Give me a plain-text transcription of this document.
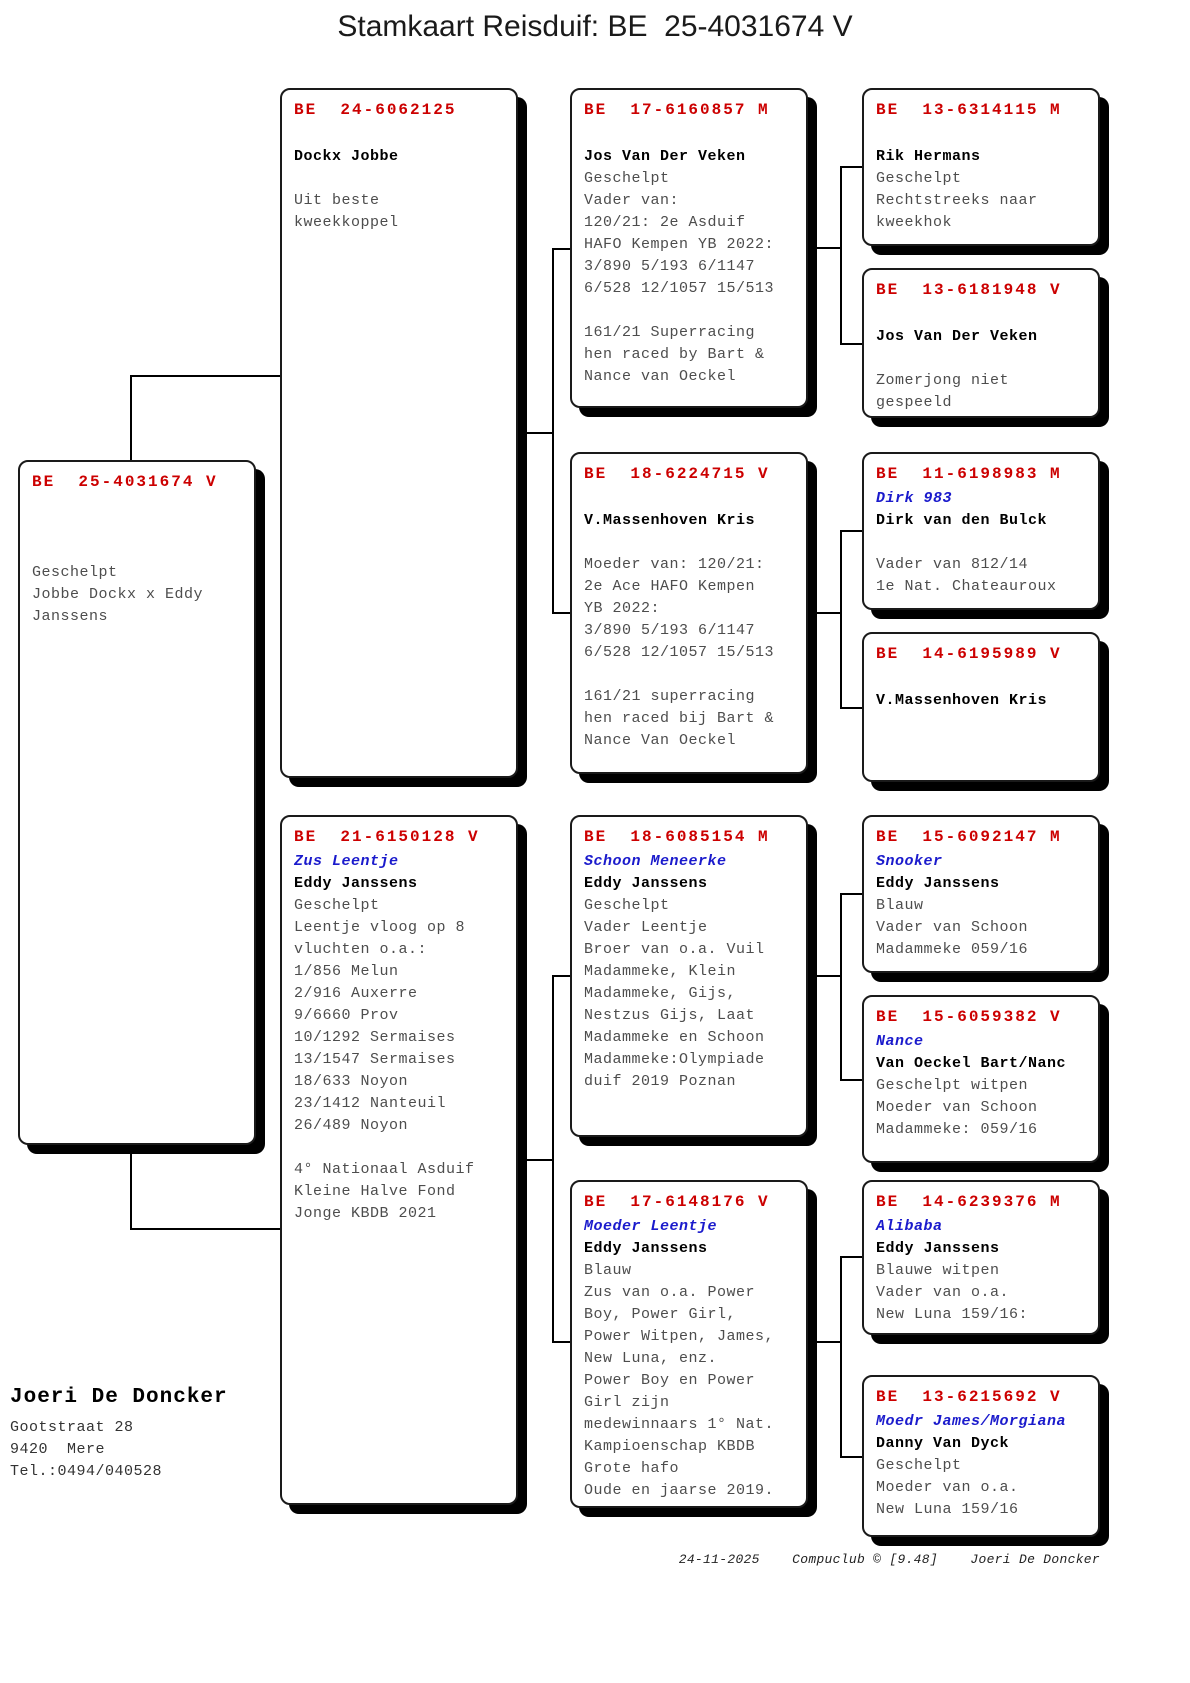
Stamkaart Reisduif: BE  25-4031674 V
BE  25-4031674 V
Geschelpt
Jobbe Dockx x Eddy
Janssens
BE  24-6062125
Dockx Jobbe
Uit beste
kweekkoppel
BE  21-6150128 V
Zus Leentje
Eddy Janssens
Geschelpt
Leentje vloog op 8
vluchten o.a.:
1/856 Melun
2/916 Auxerre
9/6660 Prov
10/1292 Sermaises
13/1547 Sermaises
18/633 Noyon
23/1412 Nanteuil
26/489 Noyon
4° Nationaal Asduif
Kleine Halve Fond
Jonge KBDB 2021
BE  17-6160857 M
Jos Van Der Veken
Geschelpt
Vader van:
120/21: 2e Asduif
HAFO Kempen YB 2022:
3/890 5/193 6/1147
6/528 12/1057 15/513
161/21 Superracing
hen raced by Bart &
Nance van Oeckel
BE  18-6224715 V
V.Massenhoven Kris
Moeder van: 120/21:
2e Ace HAFO Kempen
YB 2022:
3/890 5/193 6/1147
6/528 12/1057 15/513
161/21 superracing
hen raced bij Bart &
Nance Van Oeckel
BE  18-6085154 M
Schoon Meneerke
Eddy Janssens
Geschelpt
Vader Leentje
Broer van o.a. Vuil
Madammeke, Klein
Madammeke, Gijs,
Nestzus Gijs, Laat
Madammeke en Schoon
Madammeke:Olympiade
duif 2019 Poznan
BE  17-6148176 V
Moeder Leentje
Eddy Janssens
Blauw
Zus van o.a. Power
Boy, Power Girl,
Power Witpen, James,
New Luna, enz.
Power Boy en Power
Girl zijn
medewinnaars 1° Nat.
Kampioenschap KBDB
Grote hafo
Oude en jaarse 2019.
BE  13-6314115 M
Rik Hermans
Geschelpt
Rechtstreeks naar
kweekhok
BE  13-6181948 V
Jos Van Der Veken
Zomerjong niet
gespeeld
BE  11-6198983 M
Dirk 983
Dirk van den Bulck
Vader van 812/14
1e Nat. Chateauroux
BE  14-6195989 V
V.Massenhoven Kris
BE  15-6092147 M
Snooker
Eddy Janssens
Blauw
Vader van Schoon
Madammeke 059/16
BE  15-6059382 V
Nance
Van Oeckel Bart/Nanc
Geschelpt witpen
Moeder van Schoon
Madammeke: 059/16
BE  14-6239376 M
Alibaba
Eddy Janssens
Blauwe witpen
Vader van o.a.
New Luna 159/16:
BE  13-6215692 V
Moedr James/Morgiana
Danny Van Dyck
Geschelpt
Moeder van o.a.
New Luna 159/16
Joeri De Doncker
Gootstraat 28
9420  Mere
Tel.:0494/040528
24-11-2025    Compuclub © [9.48]    Joeri De Doncker
